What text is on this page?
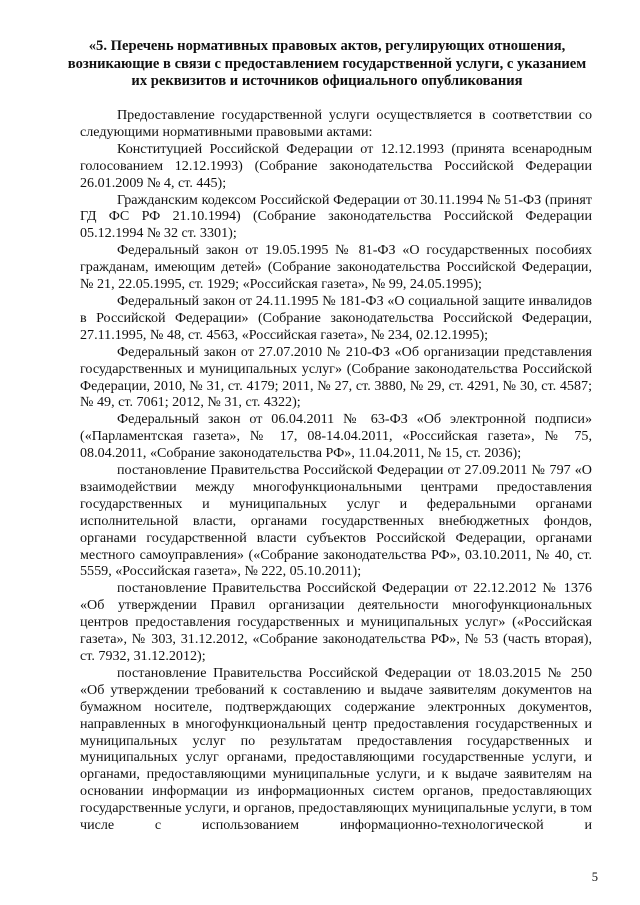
«5. Перечень нормативных правовых актов, регулирующих отношения, возникающие в связи с предоставлением государственной услуги, с указанием их реквизитов и источников официального опубликования

Предоставление государственной услуги осуществляется в соответствии со следующими нормативными правовыми актами:

Конституцией Российской Федерации от 12.12.1993 (принята всенародным голосованием 12.12.1993) (Собрание законодательства Российской Федерации 26.01.2009 № 4, ст. 445);

Гражданским кодексом Российской Федерации от 30.11.1994 № 51-ФЗ (принят ГД ФС РФ 21.10.1994) (Собрание законодательства Российской Федерации 05.12.1994 № 32 ст. 3301);

Федеральный закон от 19.05.1995 № 81-ФЗ «О государственных пособиях гражданам, имеющим детей» (Собрание законодательства Российской Федерации, № 21, 22.05.1995, ст. 1929; «Российская газета», № 99, 24.05.1995);

Федеральный закон от 24.11.1995 № 181-ФЗ «О социальной защите инвалидов в Российской Федерации» (Собрание законодательства Российской Федерации, 27.11.1995, № 48, ст. 4563, «Российская газета», № 234, 02.12.1995);

Федеральный закон от 27.07.2010 № 210-ФЗ «Об организации представления государственных и муниципальных услуг» (Собрание законодательства Российской Федерации, 2010, № 31, ст. 4179; 2011, № 27, ст. 3880, № 29, ст. 4291, № 30, ст. 4587; № 49, ст. 7061; 2012, № 31, ст. 4322);

Федеральный закон от 06.04.2011 № 63-ФЗ «Об электронной подписи» («Парламентская газета», № 17, 08-14.04.2011, «Российская газета», № 75, 08.04.2011, «Собрание законодательства РФ», 11.04.2011, № 15, ст. 2036);

постановление Правительства Российской Федерации от 27.09.2011 № 797 «О взаимодействии между многофункциональными центрами предоставления государственных и муниципальных услуг и федеральными органами исполнительной власти, органами государственных внебюджетных фондов, органами государственной власти субъектов Российской Федерации, органами местного самоуправления» («Собрание законодательства РФ», 03.10.2011, № 40, ст. 5559, «Российская газета», № 222, 05.10.2011);

постановление Правительства Российской Федерации от 22.12.2012 № 1376 «Об утверждении Правил организации деятельности многофункциональных центров предоставления государственных и муниципальных услуг» («Российская газета», № 303, 31.12.2012, «Собрание законодательства РФ», № 53 (часть вторая), ст. 7932, 31.12.2012);

постановление Правительства Российской Федерации от 18.03.2015 № 250 «Об утверждении требований к составлению и выдаче заявителям документов на бумажном носителе, подтверждающих содержание электронных документов, направленных в многофункциональный центр предоставления государственных и муниципальных услуг по результатам предоставления государственных и муниципальных услуг органами, предоставляющими государственные услуги, и органами, предоставляющими муниципальные услуги, и к выдаче заявителям на основании информации из информационных систем органов, предоставляющих государственные услуги, и органов, предоставляющих муниципальные услуги, в том числе с использованием информационно-технологической и

5
